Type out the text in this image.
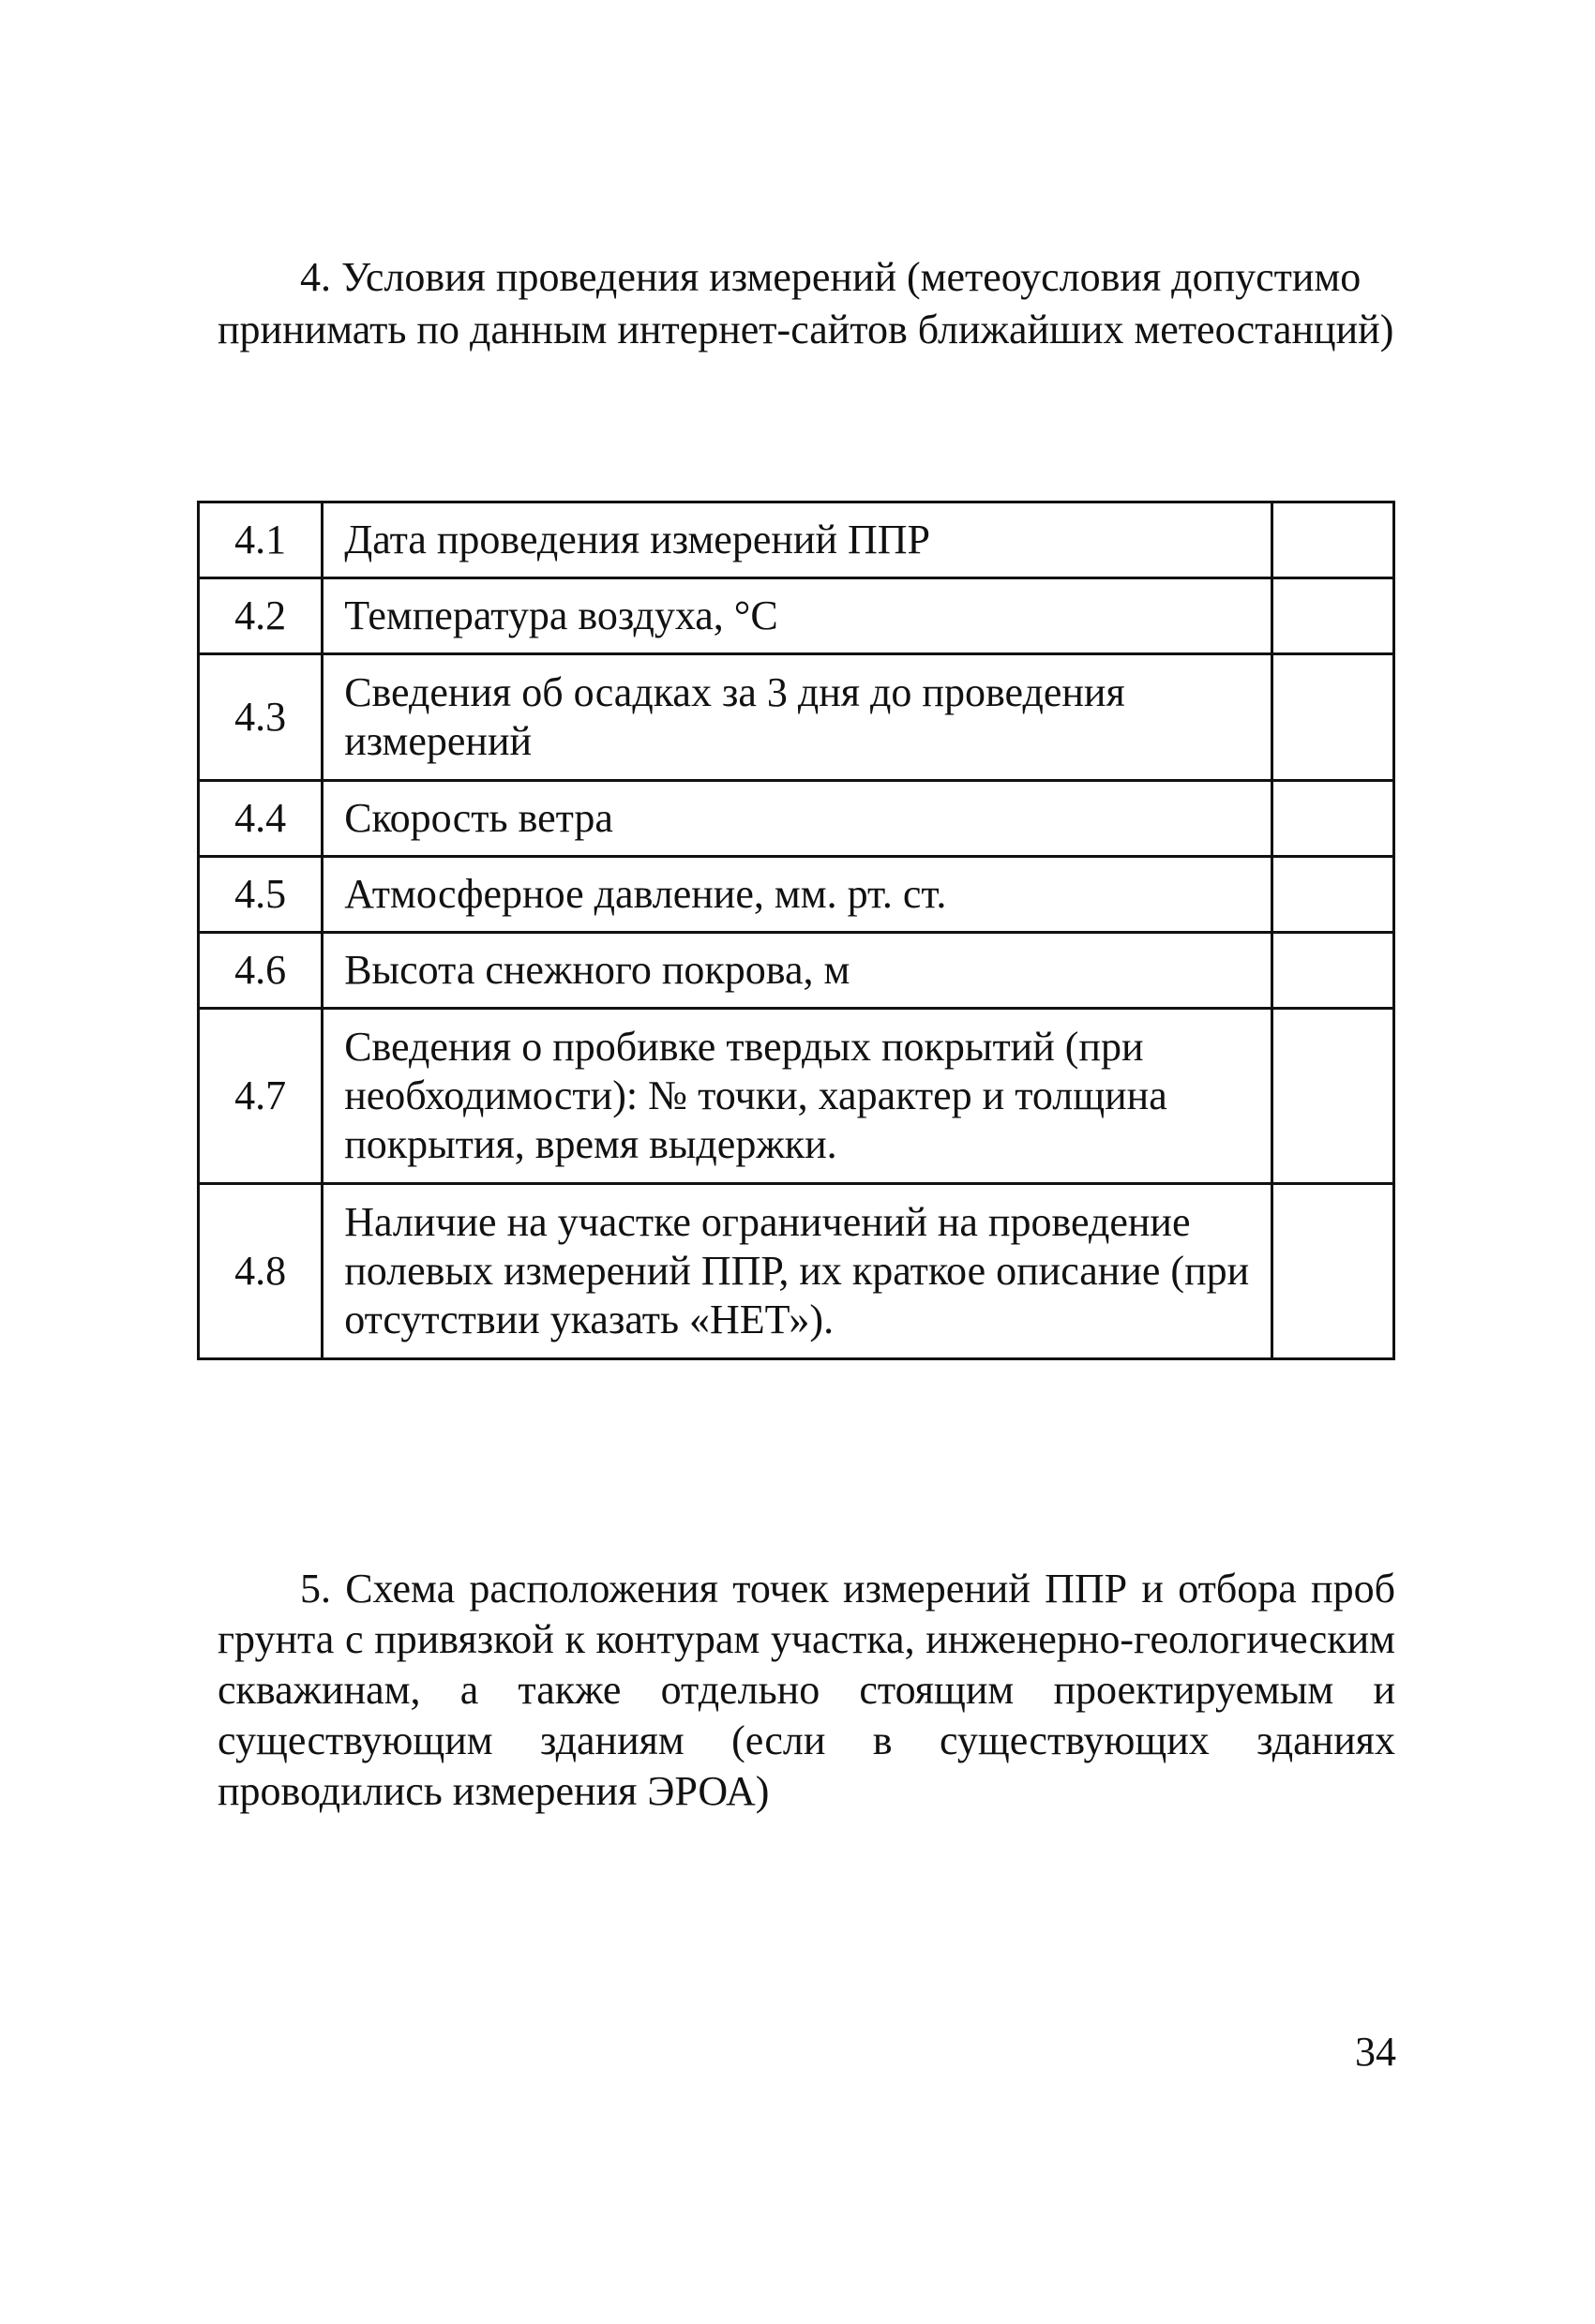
4. Условия проведения измерений (метеоусловия допустимо принимать по данным интернет-сайтов ближайших метеостанций)

4.1	Дата проведения измерений ППР	
4.2	Температура воздуха, °С	
4.3	Сведения об осадках за 3 дня до проведения измерений	
4.4	Скорость ветра	
4.5	Атмосферное давление, мм. рт. ст.	
4.6	Высота снежного покрова, м	
4.7	Сведения о пробивке твердых покрытий (при необходимости): № точки, характер и толщина покрытия, время выдержки.	
4.8	Наличие на участке ограничений на проведение полевых измерений ППР, их краткое описание (при отсутствии указать «НЕТ»).	

5. Схема расположения точек измерений ППР и отбора проб грунта с привязкой к контурам участка, инженерно-геологическим скважинам, а также отдельно стоящим проектируемым и существующим зданиям (если в существующих зданиях проводились измерения ЭРОА)

34
